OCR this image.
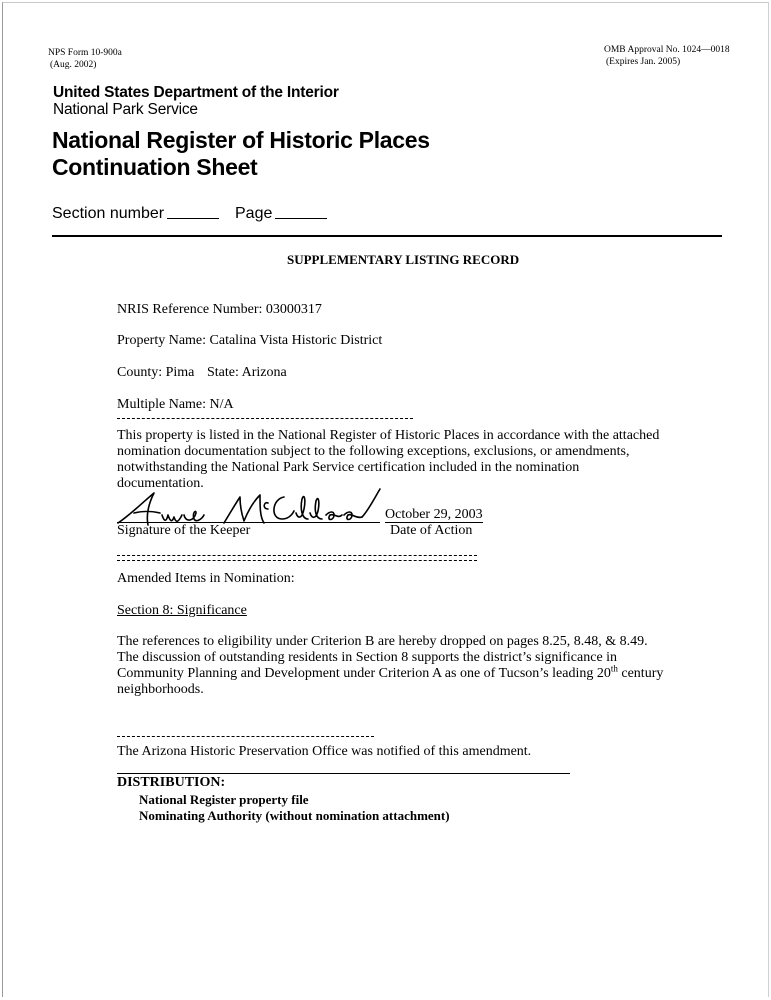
NPS Form 10-900a
(Aug. 2002)
OMB Approval No. 1024—0018
(Expires Jan. 2005)
United States Department of the Interior
National Park Service
National Register of Historic Places
Continuation Sheet
Section number	Page
SUPPLEMENTARY LISTING RECORD
NRIS Reference Number: 03000317
Property Name: Catalina Vista Historic District
County: Pima State: Arizona
Multiple Name: N/A
This property is listed in the National Register of Historic Places in accordance with the attached
nomination documentation subject to the following exceptions, exclusions, or amendments,
notwithstanding the National Park Service certification included in the nomination
documentation.
Signature of the Keeper
October 29, 2003
Date of Action
Amended Items in Nomination:
Section 8: Significance
The references to eligibility under Criterion B are hereby dropped on pages 8.25, 8.48, & 8.49.
The discussion of outstanding residents in Section 8 supports the district’s significance in
Community Planning and Development under Criterion A as one of Tucson’s leading 20th century
neighborhoods.
The Arizona Historic Preservation Office was notified of this amendment.
DISTRIBUTION:
National Register property file
Nominating Authority (without nomination attachment)
